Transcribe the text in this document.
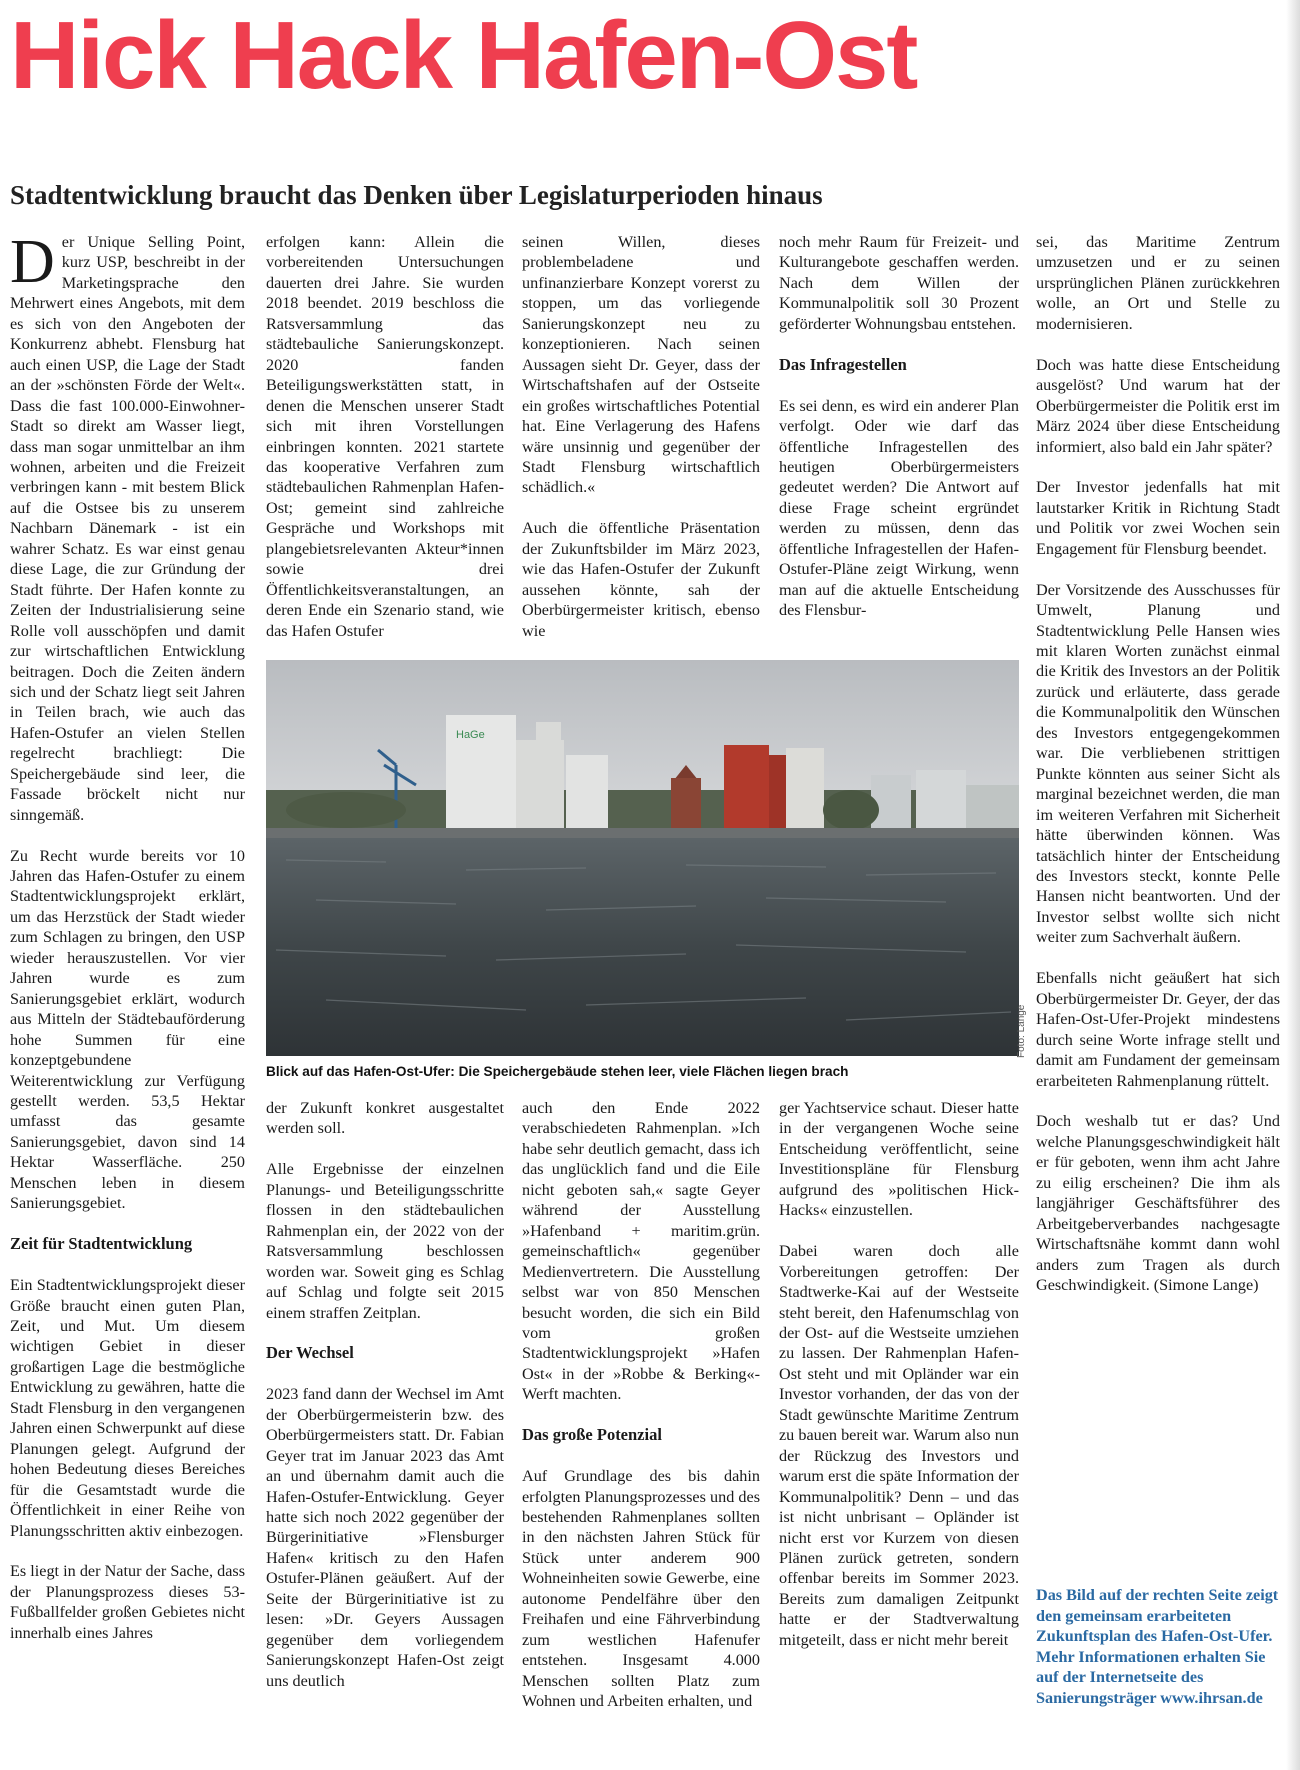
Hick Hack Hafen-Ost
Stadtentwicklung braucht das Denken über Legislaturperioden hinaus

Der Unique Selling Point, kurz USP, beschreibt in der Marketingsprache den Mehrwert eines Angebots, mit dem es sich von den Angeboten der Konkurrenz abhebt. Flensburg hat auch einen USP, die Lage der Stadt an der »schönsten Förde der Welt«. Dass die fast 100.000-Einwohner-Stadt so direkt am Wasser liegt, dass man sogar unmittelbar an ihm wohnen, arbeiten und die Freizeit verbringen kann - mit bestem Blick auf die Ostsee bis zu unserem Nachbarn Dänemark - ist ein wahrer Schatz. Es war einst genau diese Lage, die zur Gründung der Stadt führte. Der Hafen konnte zu Zeiten der Industrialisierung seine Rolle voll ausschöpfen und damit zur wirtschaftlichen Entwicklung beitragen. Doch die Zeiten ändern sich und der Schatz liegt seit Jahren in Teilen brach, wie auch das Hafen-Ostufer an vielen Stellen regelrecht brachliegt: Die Speichergebäude sind leer, die Fassade bröckelt nicht nur sinngemäß.

Zu Recht wurde bereits vor 10 Jahren das Hafen-Ostufer zu einem Stadtentwicklungsprojekt erklärt, um das Herzstück der Stadt wieder zum Schlagen zu bringen, den USP wieder herauszustellen. Vor vier Jahren wurde es zum Sanierungsgebiet erklärt, wodurch aus Mitteln der Städtebauförderung hohe Summen für eine konzeptgebundene Weiterentwicklung zur Verfügung gestellt werden. 53,5 Hektar umfasst das gesamte Sanierungsgebiet, davon sind 14 Hektar Wasserfläche. 250 Menschen leben in diesem Sanierungsgebiet.

Zeit für Stadtentwicklung

Ein Stadtentwicklungsprojekt dieser Größe braucht einen guten Plan, Zeit, und Mut. Um diesem wichtigen Gebiet in dieser großartigen Lage die bestmögliche Entwicklung zu gewähren, hatte die Stadt Flensburg in den vergangenen Jahren einen Schwerpunkt auf diese Planungen gelegt. Aufgrund der hohen Bedeutung dieses Bereiches für die Gesamtstadt wurde die Öffentlichkeit in einer Reihe von Planungsschritten aktiv einbezogen.

Es liegt in der Natur der Sache, dass der Planungsprozess dieses 53-Fußballfelder großen Gebietes nicht innerhalb eines Jahres

erfolgen kann: Allein die vorbereitenden Untersuchungen dauerten drei Jahre. Sie wurden 2018 beendet. 2019 beschloss die Ratsversammlung das städtebauliche Sanierungskonzept. 2020 fanden Beteiligungswerkstätten statt, in denen die Menschen unserer Stadt sich mit ihren Vorstellungen einbringen konnten. 2021 startete das kooperative Verfahren zum städtebaulichen Rahmenplan Hafen-Ost; gemeint sind zahlreiche Gespräche und Workshops mit plangebietsrelevanten Akteur*innen sowie drei Öffentlichkeitsveranstaltungen, an deren Ende ein Szenario stand, wie das Hafen Ostufer

seinen Willen, dieses problembeladene und unfinanzierbare Konzept vorerst zu stoppen, um das vorliegende Sanierungskonzept neu zu konzeptionieren. Nach seinen Aussagen sieht Dr. Geyer, dass der Wirtschaftshafen auf der Ostseite ein großes wirtschaftliches Potential hat. Eine Verlagerung des Hafens wäre unsinnig und gegenüber der Stadt Flensburg wirtschaftlich schädlich.«

Auch die öffentliche Präsentation der Zukunftsbilder im März 2023, wie das Hafen-Ostufer der Zukunft aussehen könnte, sah der Oberbürgermeister kritisch, ebenso wie

noch mehr Raum für Freizeit- und Kulturangebote geschaffen werden. Nach dem Willen der Kommunalpolitik soll 30 Prozent geförderter Wohnungsbau entstehen.

Das Infragestellen

Es sei denn, es wird ein anderer Plan verfolgt. Oder wie darf das öffentliche Infragestellen des heutigen Oberbürgermeisters gedeutet werden? Die Antwort auf diese Frage scheint ergründet werden zu müssen, denn das öffentliche Infragestellen der Hafen-Ostufer-Pläne zeigt Wirkung, wenn man auf die aktuelle Entscheidung des Flensbur-

sei, das Maritime Zentrum umzusetzen und er zu seinen ursprünglichen Plänen zurückkehren wolle, an Ort und Stelle zu modernisieren.

Doch was hatte diese Entscheidung ausgelöst? Und warum hat der Oberbürgermeister die Politik erst im März 2024 über diese Entscheidung informiert, also bald ein Jahr später?

Der Investor jedenfalls hat mit lautstarker Kritik in Richtung Stadt und Politik vor zwei Wochen sein Engagement für Flensburg beendet.

Der Vorsitzende des Ausschusses für Umwelt, Planung und Stadtentwicklung Pelle Hansen wies mit klaren Worten zunächst einmal die Kritik des Investors an der Politik zurück und erläuterte, dass gerade die Kommunalpolitik den Wünschen des Investors entgegengekommen war. Die verbliebenen strittigen Punkte könnten aus seiner Sicht als marginal bezeichnet werden, die man im weiteren Verfahren mit Sicherheit hätte überwinden können. Was tatsächlich hinter der Entscheidung des Investors steckt, konnte Pelle Hansen nicht beantworten. Und der Investor selbst wollte sich nicht weiter zum Sachverhalt äußern.

Ebenfalls nicht geäußert hat sich Oberbürgermeister Dr. Geyer, der das Hafen-Ost-Ufer-Projekt mindestens durch seine Worte infrage stellt und damit am Fundament der gemeinsam erarbeiteten Rahmenplanung rüttelt.

Doch weshalb tut er das? Und welche Planungsgeschwindigkeit hält er für geboten, wenn ihm acht Jahre zu eilig erscheinen? Die ihm als langjähriger Geschäftsführer des Arbeitgeberverbandes nachgesagte Wirtschaftsnähe kommt dann wohl anders zum Tragen als durch Geschwindigkeit. (Simone Lange)

HaGe
Foto: Lange
Blick auf das Hafen-Ost-Ufer: Die Speichergebäude stehen leer, viele Flächen liegen brach

der Zukunft konkret ausgestaltet werden soll.

Alle Ergebnisse der einzelnen Planungs- und Beteiligungsschritte flossen in den städtebaulichen Rahmenplan ein, der 2022 von der Ratsversammlung beschlossen worden war. Soweit ging es Schlag auf Schlag und folgte seit 2015 einem straffen Zeitplan.

Der Wechsel

2023 fand dann der Wechsel im Amt der Oberbürgermeisterin bzw. des Oberbürgermeisters statt. Dr. Fabian Geyer trat im Januar 2023 das Amt an und übernahm damit auch die Hafen-Ostufer-Entwicklung. Geyer hatte sich noch 2022 gegenüber der Bürgerinitiative »Flensburger Hafen« kritisch zu den Hafen Ostufer-Plänen geäußert. Auf der Seite der Bürgerinitiative ist zu lesen: »Dr. Geyers Aussagen gegenüber dem vorliegendem Sanierungskonzept Hafen-Ost zeigt uns deutlich

auch den Ende 2022 verabschiedeten Rahmenplan. »Ich habe sehr deutlich gemacht, dass ich das unglücklich fand und die Eile nicht geboten sah,« sagte Geyer während der Ausstellung »Hafenband + maritim.grün. gemeinschaftlich« gegenüber Medienvertretern. Die Ausstellung selbst war von 850 Menschen besucht worden, die sich ein Bild vom großen Stadtentwicklungsprojekt »Hafen Ost« in der »Robbe & Berking«-Werft machten.

Das große Potenzial

Auf Grundlage des bis dahin erfolgten Planungsprozesses und des bestehenden Rahmenplanes sollten in den nächsten Jahren Stück für Stück unter anderem 900 Wohneinheiten sowie Gewerbe, eine autonome Pendelfähre über den Freihafen und eine Fährverbindung zum westlichen Hafenufer entstehen. Insgesamt 4.000 Menschen sollten Platz zum Wohnen und Arbeiten erhalten, und

ger Yachtservice schaut. Dieser hatte in der vergangenen Woche seine Entscheidung veröffentlicht, seine Investitionspläne für Flensburg aufgrund des »politischen Hick-Hacks« einzustellen.

Dabei waren doch alle Vorbereitungen getroffen: Der Stadtwerke-Kai auf der Westseite steht bereit, den Hafenumschlag von der Ost- auf die Westseite umziehen zu lassen. Der Rahmenplan Hafen-Ost steht und mit Opländer war ein Investor vorhanden, der das von der Stadt gewünschte Maritime Zentrum zu bauen bereit war. Warum also nun der Rückzug des Investors und warum erst die späte Information der Kommunalpolitik? Denn – und das ist nicht unbrisant – Opländer ist nicht erst vor Kurzem von diesen Plänen zurück getreten, sondern offenbar bereits im Sommer 2023. Bereits zum damaligen Zeitpunkt hatte er der Stadtverwaltung mitgeteilt, dass er nicht mehr bereit

Das Bild auf der rechten Seite zeigt den gemeinsam erarbeiteten Zukunftsplan des Hafen-Ost-Ufer. Mehr Informationen erhalten Sie auf der Internetseite des Sanierungsträger www.ihrsan.de
